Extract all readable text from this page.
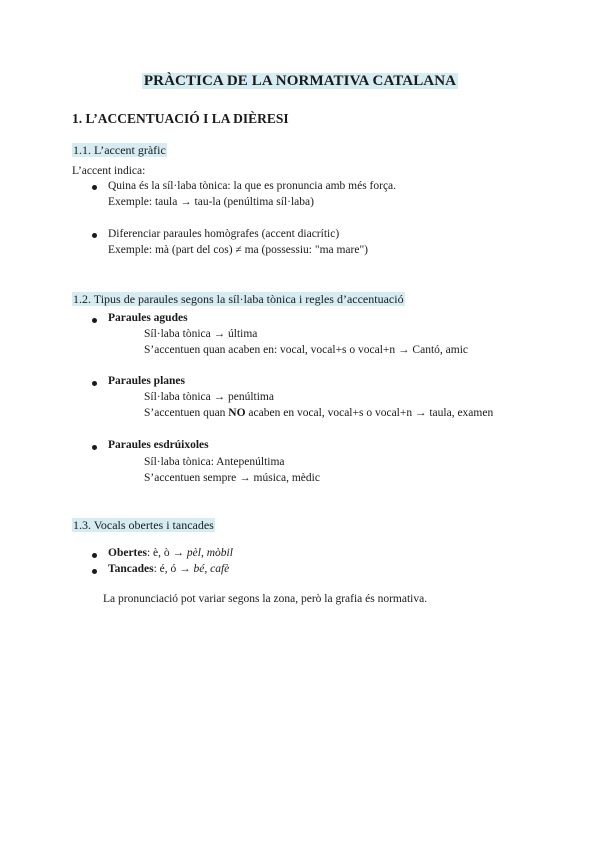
PRÀCTICA DE LA NORMATIVA CATALANA
1. L’ACCENTUACIÓ I LA DIÈRESI
1.1. L’accent gràfic
L’accent indica:
Quina és la síl·laba tònica: la que es pronuncia amb més força.
Exemple: taula → tau-la (penúltima síl·laba)
Diferenciar paraules homògrafes (accent diacrític)
Exemple: mà (part del cos) ≠ ma (possessiu: "ma mare")
1.2. Tipus de paraules segons la síl·laba tònica i regles d’accentuació
Paraules agudes
Síl·laba tònica → última
S’accentuen quan acaben en: vocal, vocal+s o vocal+n → Cantó, amic
Paraules planes
Síl·laba tònica → penúltima
S’accentuen quan NO acaben en vocal, vocal+s o vocal+n → taula, examen
Paraules esdrúixoles
Síl·laba tònica: Antepenúltima
S’accentuen sempre → música, mèdic
1.3. Vocals obertes i tancades
Obertes: è, ò → pèl, mòbil
Tancades: é, ó → bé, cafè
La pronunciació pot variar segons la zona, però la grafia és normativa.
